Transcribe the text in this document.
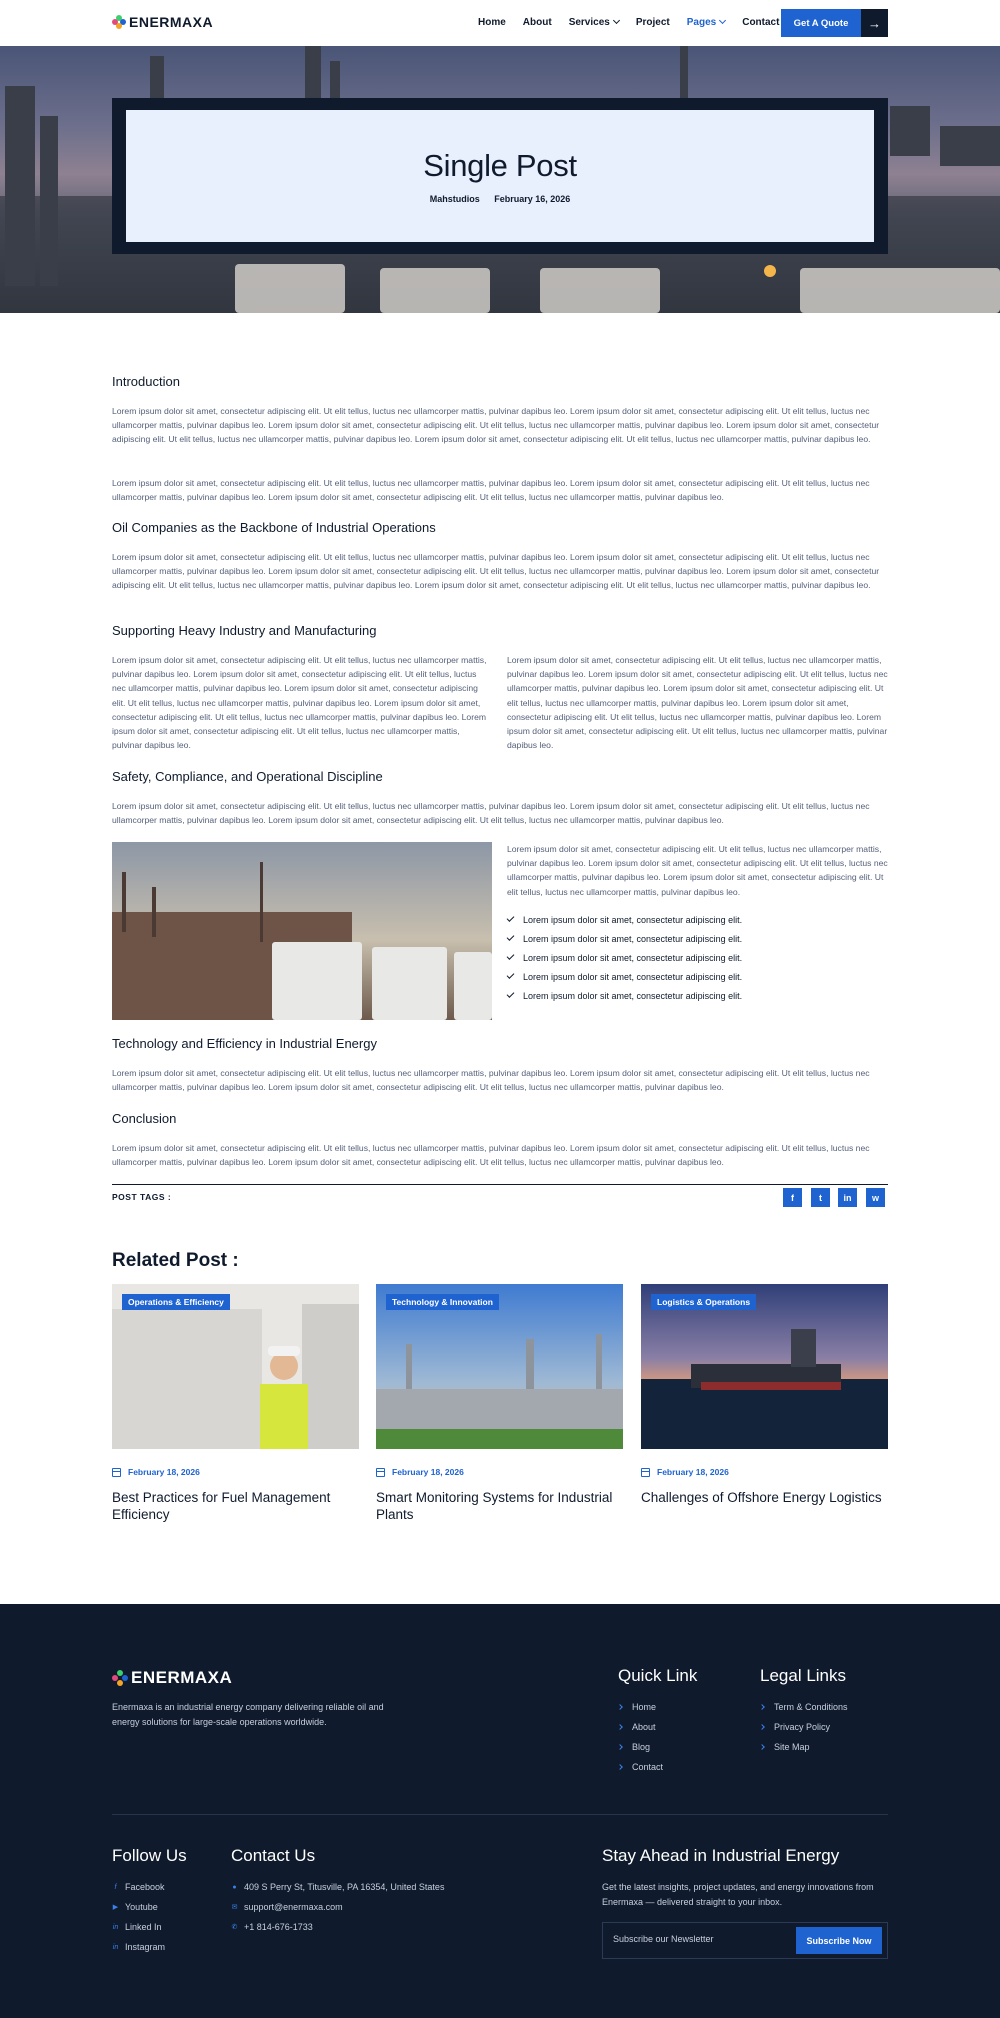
ENERMAXA	Home About Services	Project Pages	Contact	Get A Quote	→
Single Post
Mahstudios February 16, 2026
Introduction

Lorem ipsum dolor sit amet, consectetur adipiscing elit. Ut elit tellus, luctus nec ullamcorper mattis, pulvinar dapibus leo. Lorem ipsum dolor sit amet, consectetur adipiscing elit. Ut elit tellus, luctus nec ullamcorper mattis, pulvinar dapibus leo. Lorem ipsum dolor sit amet, consectetur adipiscing elit. Ut elit tellus, luctus nec ullamcorper mattis, pulvinar dapibus leo. Lorem ipsum dolor sit amet, consectetur adipiscing elit. Ut elit tellus, luctus nec ullamcorper mattis, pulvinar dapibus leo. Lorem ipsum dolor sit amet, consectetur adipiscing elit. Ut elit tellus, luctus nec ullamcorper mattis, pulvinar dapibus leo.

Lorem ipsum dolor sit amet, consectetur adipiscing elit. Ut elit tellus, luctus nec ullamcorper mattis, pulvinar dapibus leo. Lorem ipsum dolor sit amet, consectetur adipiscing elit. Ut elit tellus, luctus nec ullamcorper mattis, pulvinar dapibus leo. Lorem ipsum dolor sit amet, consectetur adipiscing elit. Ut elit tellus, luctus nec ullamcorper mattis, pulvinar dapibus leo.

Oil Companies as the Backbone of Industrial Operations

Lorem ipsum dolor sit amet, consectetur adipiscing elit. Ut elit tellus, luctus nec ullamcorper mattis, pulvinar dapibus leo. Lorem ipsum dolor sit amet, consectetur adipiscing elit. Ut elit tellus, luctus nec ullamcorper mattis, pulvinar dapibus leo. Lorem ipsum dolor sit amet, consectetur adipiscing elit. Ut elit tellus, luctus nec ullamcorper mattis, pulvinar dapibus leo. Lorem ipsum dolor sit amet, consectetur adipiscing elit. Ut elit tellus, luctus nec ullamcorper mattis, pulvinar dapibus leo. Lorem ipsum dolor sit amet, consectetur adipiscing elit. Ut elit tellus, luctus nec ullamcorper mattis, pulvinar dapibus leo.

Supporting Heavy Industry and Manufacturing

Lorem ipsum dolor sit amet, consectetur adipiscing elit. Ut elit tellus, luctus nec ullamcorper mattis, pulvinar dapibus leo. Lorem ipsum dolor sit amet, consectetur adipiscing elit. Ut elit tellus, luctus nec ullamcorper mattis, pulvinar dapibus leo. Lorem ipsum dolor sit amet, consectetur adipiscing elit. Ut elit tellus, luctus nec ullamcorper mattis, pulvinar dapibus leo. Lorem ipsum dolor sit amet, consectetur adipiscing elit. Ut elit tellus, luctus nec ullamcorper mattis, pulvinar dapibus leo. Lorem ipsum dolor sit amet, consectetur adipiscing elit. Ut elit tellus, luctus nec ullamcorper mattis, pulvinar dapibus leo.

Lorem ipsum dolor sit amet, consectetur adipiscing elit. Ut elit tellus, luctus nec ullamcorper mattis, pulvinar dapibus leo. Lorem ipsum dolor sit amet, consectetur adipiscing elit. Ut elit tellus, luctus nec ullamcorper mattis, pulvinar dapibus leo. Lorem ipsum dolor sit amet, consectetur adipiscing elit. Ut elit tellus, luctus nec ullamcorper mattis, pulvinar dapibus leo. Lorem ipsum dolor sit amet, consectetur adipiscing elit. Ut elit tellus, luctus nec ullamcorper mattis, pulvinar dapibus leo. Lorem ipsum dolor sit amet, consectetur adipiscing elit. Ut elit tellus, luctus nec ullamcorper mattis, pulvinar dapibus leo.

Safety, Compliance, and Operational Discipline

Lorem ipsum dolor sit amet, consectetur adipiscing elit. Ut elit tellus, luctus nec ullamcorper mattis, pulvinar dapibus leo. Lorem ipsum dolor sit amet, consectetur adipiscing elit. Ut elit tellus, luctus nec ullamcorper mattis, pulvinar dapibus leo. Lorem ipsum dolor sit amet, consectetur adipiscing elit. Ut elit tellus, luctus nec ullamcorper mattis, pulvinar dapibus leo.

Lorem ipsum dolor sit amet, consectetur adipiscing elit. Ut elit tellus, luctus nec ullamcorper mattis, pulvinar dapibus leo. Lorem ipsum dolor sit amet, consectetur adipiscing elit. Ut elit tellus, luctus nec ullamcorper mattis, pulvinar dapibus leo. Lorem ipsum dolor sit amet, consectetur adipiscing elit. Ut elit tellus, luctus nec ullamcorper mattis, pulvinar dapibus leo.

Lorem ipsum dolor sit amet, consectetur adipiscing elit.
Lorem ipsum dolor sit amet, consectetur adipiscing elit.
Lorem ipsum dolor sit amet, consectetur adipiscing elit.
Lorem ipsum dolor sit amet, consectetur adipiscing elit.
Lorem ipsum dolor sit amet, consectetur adipiscing elit.
Technology and Efficiency in Industrial Energy

Lorem ipsum dolor sit amet, consectetur adipiscing elit. Ut elit tellus, luctus nec ullamcorper mattis, pulvinar dapibus leo. Lorem ipsum dolor sit amet, consectetur adipiscing elit. Ut elit tellus, luctus nec ullamcorper mattis, pulvinar dapibus leo. Lorem ipsum dolor sit amet, consectetur adipiscing elit. Ut elit tellus, luctus nec ullamcorper mattis, pulvinar dapibus leo.

Conclusion

Lorem ipsum dolor sit amet, consectetur adipiscing elit. Ut elit tellus, luctus nec ullamcorper mattis, pulvinar dapibus leo. Lorem ipsum dolor sit amet, consectetur adipiscing elit. Ut elit tellus, luctus nec ullamcorper mattis, pulvinar dapibus leo. Lorem ipsum dolor sit amet, consectetur adipiscing elit. Ut elit tellus, luctus nec ullamcorper mattis, pulvinar dapibus leo.

POST TAGS :	f	t	in	w
Related Post :
Operations & Efficiency
February 18, 2026
Best Practices for Fuel Management Efficiency
Technology & Innovation
February 18, 2026
Smart Monitoring Systems for Industrial Plants
Logistics & Operations
February 18, 2026
Challenges of Offshore Energy Logistics
ENERMAXA

Enermaxa is an industrial energy company delivering reliable oil and energy solutions for large-scale operations worldwide.

Quick Link
Home
About
Blog
Contact
Legal Links
Term & Conditions
Privacy Policy
Site Map
Follow Us
f Facebook
▶ Youtube
in Linked In
in Instagram
Contact Us
● 409 S Perry St, Titusville, PA 16354, United States
✉ support@enermaxa.com
✆ +1 814-676-1733
Stay Ahead in Industrial Energy

Get the latest insights, project updates, and energy innovations from Enermaxa — delivered straight to your inbox.

Subscribe our Newsletter	Subscribe Now
